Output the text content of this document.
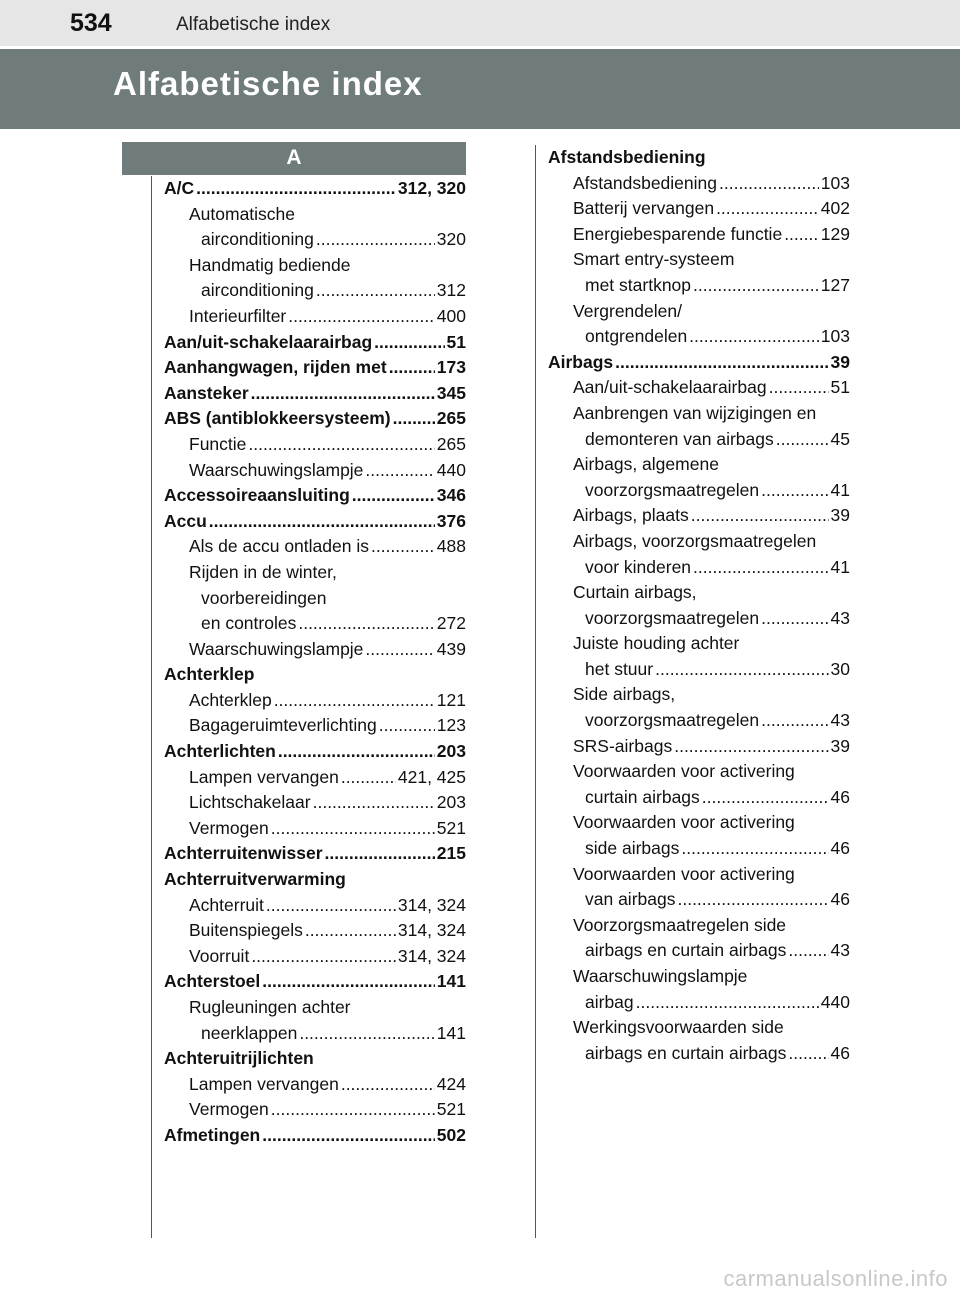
534	Alfabetische index
Alfabetische index
A
A/C .....	312, 320
Automatische
airconditioning .....	320
Handmatig bediende
airconditioning .....	312
Interieurfilter .....	400
Aan/uit-schakelaarairbag .....	51
Aanhangwagen, rijden met .....	173
Aansteker .....	345
ABS (antiblokkeersysteem) .....	265
Functie .....	265
Waarschuwingslampje .....	440
Accessoireaansluiting .....	346
Accu .....	376
Als de accu ontladen is .....	488
Rijden in de winter,
voorbereidingen
en controles .....	272
Waarschuwingslampje .....	439
Achterklep
Achterklep .....	121
Bagageruimteverlichting .....	123
Achterlichten .....	203
Lampen vervangen .....	421, 425
Lichtschakelaar .....	203
Vermogen .....	521
Achterruitenwisser .....	215
Achterruitverwarming
Achterruit .....	314, 324
Buitenspiegels .....	314, 324
Voorruit .....	314, 324
Achterstoel .....	141
Rugleuningen achter
neerklappen .....	141
Achteruitrijlichten
Lampen vervangen .....	424
Vermogen .....	521
Afmetingen .....	502
Afstandsbediening
Afstandsbediening .....	103
Batterij vervangen .....	402
Energiebesparende functie ..... 129
Smart entry-systeem
met startknop .....	127
Vergrendelen/
ontgrendelen .....	103
Airbags .....	39
Aan/uit-schakelaarairbag .....	51
Aanbrengen van wijzigingen en
demonteren van airbags .....	45
Airbags, algemene
voorzorgsmaatregelen .....	41
Airbags, plaats .....	39
Airbags, voorzorgsmaatregelen
voor kinderen .....	41
Curtain airbags,
voorzorgsmaatregelen .....	43
Juiste houding achter
het stuur .....	30
Side airbags,
voorzorgsmaatregelen .....	43
SRS-airbags .....	39
Voorwaarden voor activering
curtain airbags .....	46
Voorwaarden voor activering
side airbags .....	46
Voorwaarden voor activering
van airbags .....	46
Voorzorgsmaatregelen side
airbags en curtain airbags .....	43
Waarschuwingslampje
airbag .....	440
Werkingsvoorwaarden side
airbags en curtain airbags .....	46
carmanualsonline.info
